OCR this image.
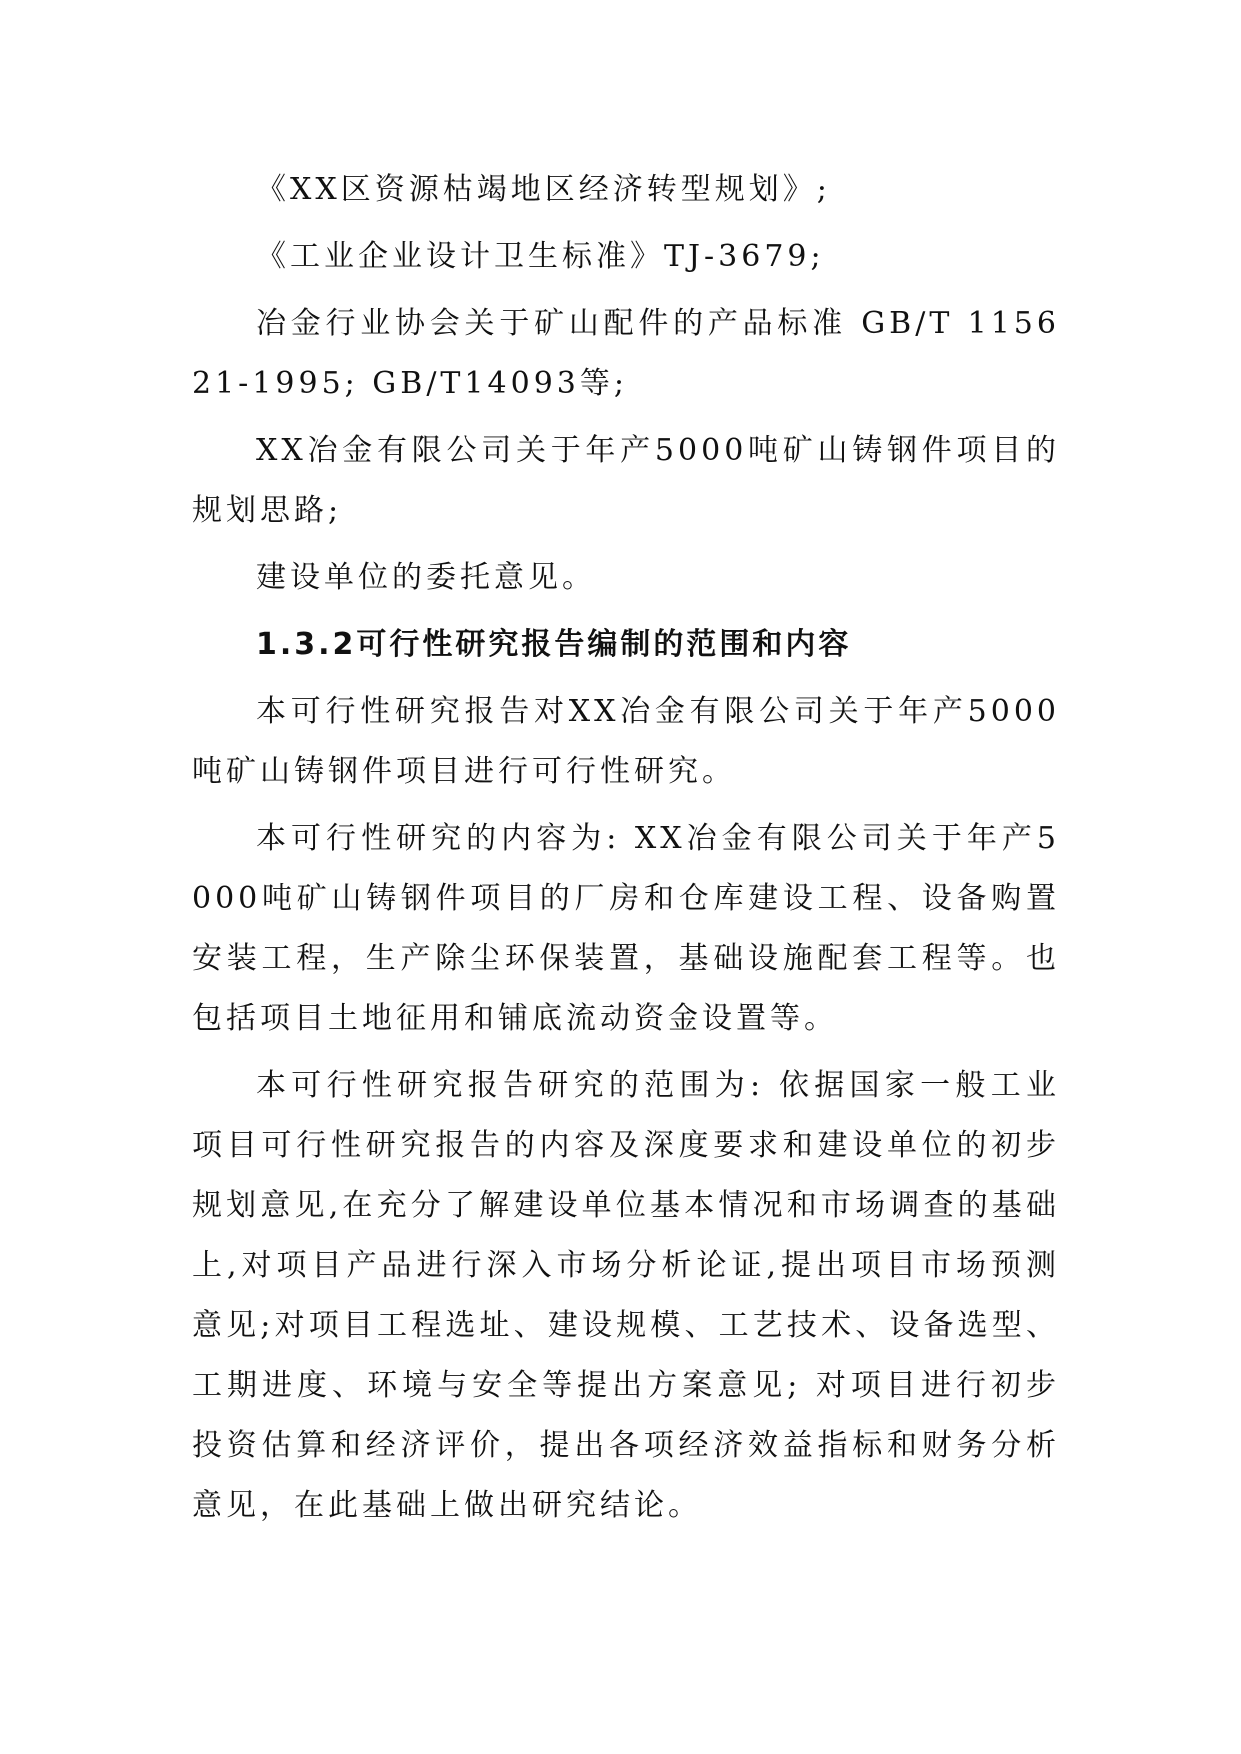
《XX区资源枯竭地区经济转型规划》;

《工业企业设计卫生标准》TJ-3679;

冶金行业协会关于矿山配件的产品标准 GB/T 115621-1995; GB/T14093等;

XX冶金有限公司关于年产5000吨矿山铸钢件项目的规划思路;

建设单位的委托意见。

1.3.2可行性研究报告编制的范围和内容

本可行性研究报告对XX冶金有限公司关于年产5000吨矿山铸钢件项目进行可行性研究。

本可行性研究的内容为: XX冶金有限公司关于年产5000吨矿山铸钢件项目的厂房和仓库建设工程、设备购置安装工程，生产除尘环保装置，基础设施配套工程等。也包括项目土地征用和铺底流动资金设置等。

本可行性研究报告研究的范围为: 依据国家一般工业项目可行性研究报告的内容及深度要求和建设单位的初步规划意见,在充分了解建设单位基本情况和市场调查的基础上,对项目产品进行深入市场分析论证,提出项目市场预测意见;对项目工程选址、建设规模、工艺技术、设备选型、工期进度、环境与安全等提出方案意见; 对项目进行初步投资估算和经济评价，提出各项经济效益指标和财务分析意见，在此基础上做出研究结论。
